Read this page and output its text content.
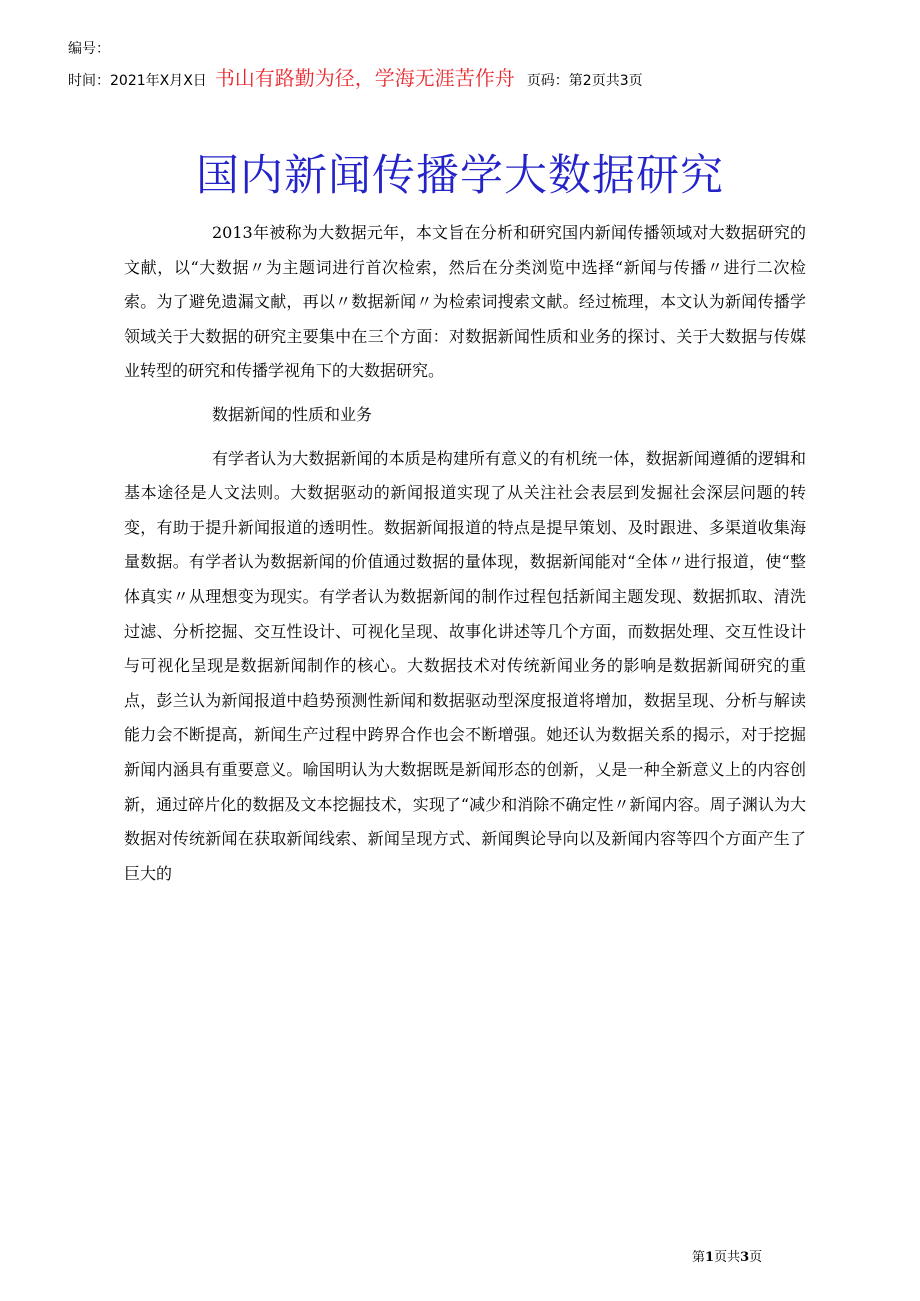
编号：
时间：2021年X月X日 书山有路勤为径，学海无涯苦作舟 页码：第2页共3页
国内新闻传播学大数据研究

2013年被称为大数据元年，本文旨在分析和研究国内新闻传播领域对大数据研究的文献，以“大数据〃为主题词进行首次检索，然后在分类浏览中选择“新闻与传播〃进行二次检索。为了避免遗漏文献，再以〃数据新闻〃为检索词搜索文献。经过梳理，本文认为新闻传播学领域关于大数据的研究主要集中在三个方面：对数据新闻性质和业务的探讨、关于大数据与传媒业转型的研究和传播学视角下的大数据研究。

数据新闻的性质和业务

有学者认为大数据新闻的本质是构建所有意义的有机统一体，数据新闻遵循的逻辑和基本途径是人文法则。大数据驱动的新闻报道实现了从关注社会表层到发掘社会深层问题的转变，有助于提升新闻报道的透明性。数据新闻报道的特点是提早策划、及时跟进、多渠道收集海量数据。有学者认为数据新闻的价值通过数据的量体现，数据新闻能对“全体〃进行报道，使“整体真实〃从理想变为现实。有学者认为数据新闻的制作过程包括新闻主题发现、数据抓取、清洗过滤、分析挖掘、交互性设计、可视化呈现、故事化讲述等几个方面，而数据处理、交互性设计与可视化呈现是数据新闻制作的核心。大数据技术对传统新闻业务的影响是数据新闻研究的重点，彭兰认为新闻报道中趋势预测性新闻和数据驱动型深度报道将增加，数据呈现、分析与解读能力会不断提高，新闻生产过程中跨界合作也会不断增强。她还认为数据关系的揭示，对于挖掘新闻内涵具有重要意义。喻国明认为大数据既是新闻形态的创新，乂是一种全新意义上的内容创新，通过碎片化的数据及文本挖掘技术，实现了“减少和消除不确定性〃新闻内容。周子渊认为大数据对传统新闻在获取新闻线索、新闻呈现方式、新闻舆论导向以及新闻内容等四个方面产生了巨大的

第1页共3页
